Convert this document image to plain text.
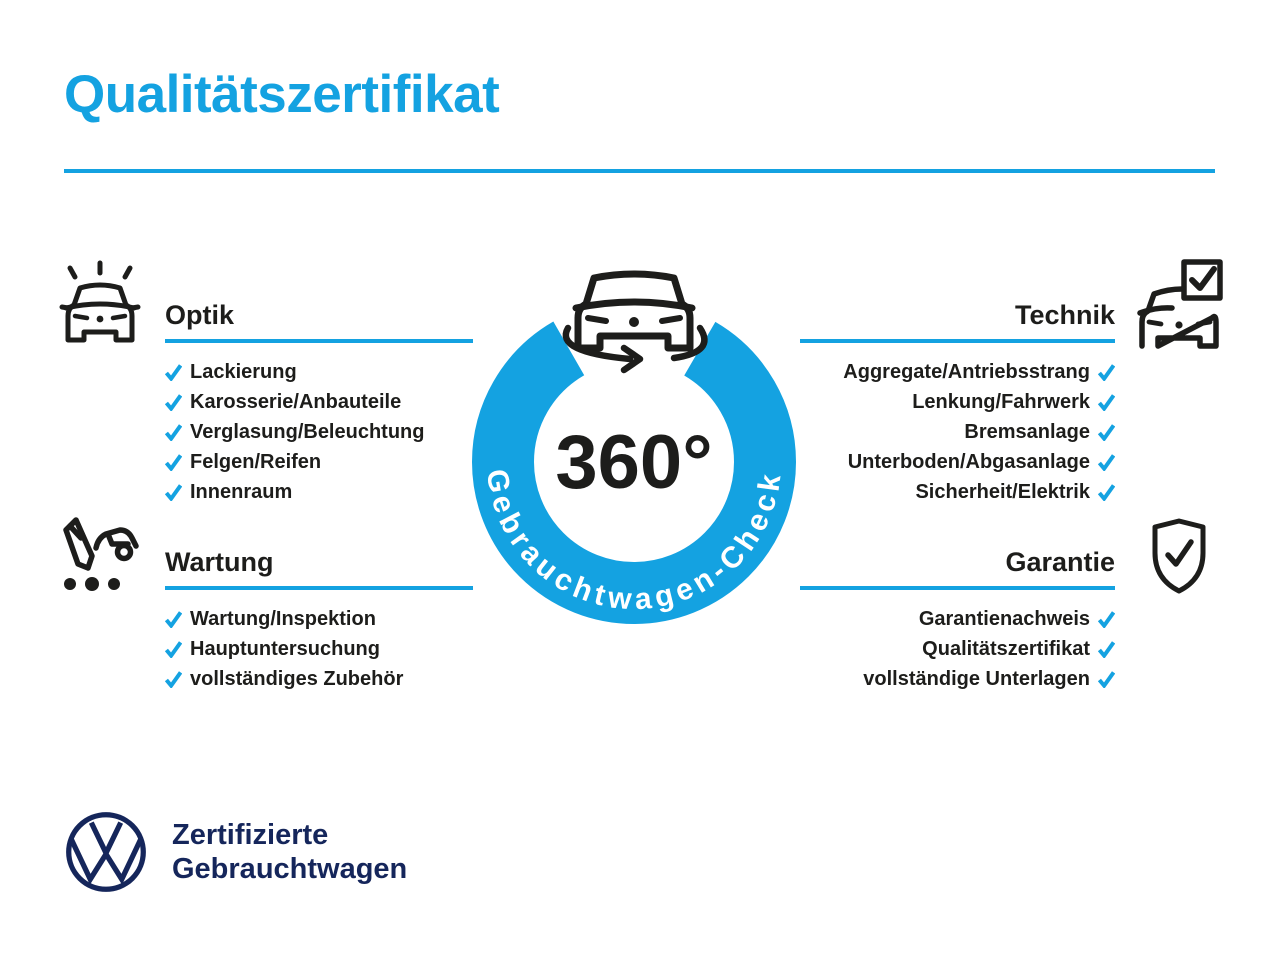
Qualitätszertifikat
Optik
Lackierung
Karosserie/Anbauteile
Verglasung/Beleuchtung
Felgen/Reifen
Innenraum
Technik
Aggregate/Antriebsstrang
Lenkung/Fahrwerk
Bremsanlage
Unterboden/Abgasanlage
Sicherheit/Elektrik
Wartung
Wartung/Inspektion
Hauptuntersuchung
vollständiges Zubehör
Garantie
Garantienachweis
Qualitätszertifikat
vollständige Unterlagen
Gebrauchtwagen-Check
360°
Zertifizierte
Gebrauchtwagen
